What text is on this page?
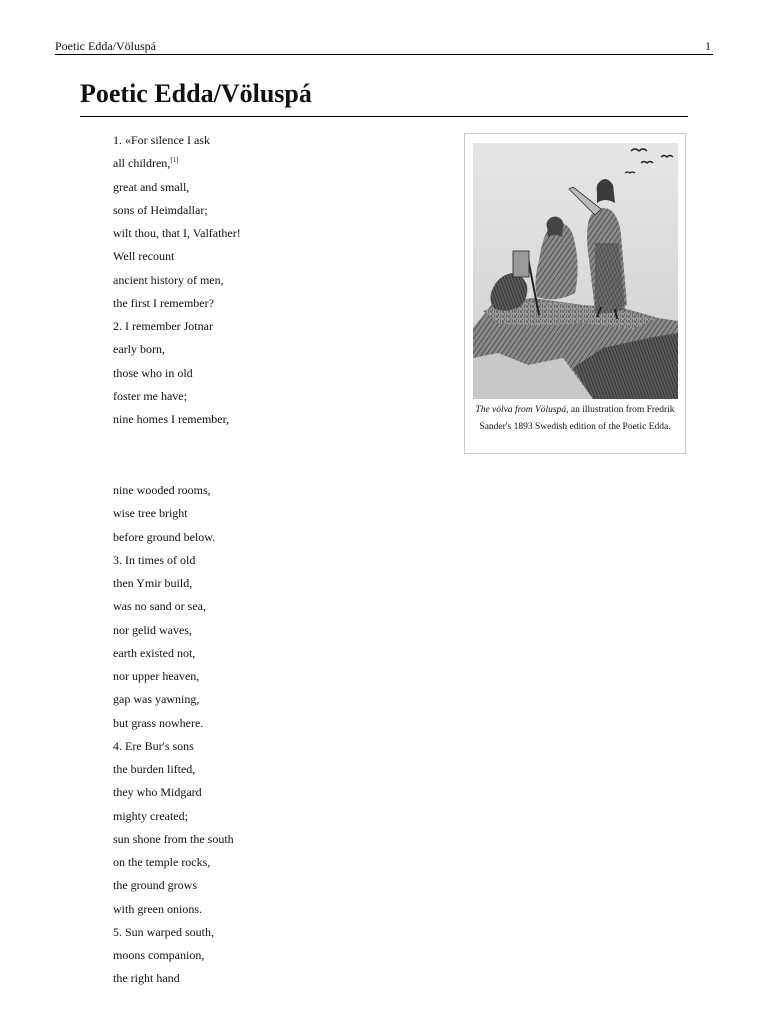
Poetic Edda/Völuspá	1
Poetic Edda/Völuspá
1. «For silence I ask
all children,[1]
great and small,
sons of Heimdallar;
wilt thou, that I, Valfather!
Well recount
ancient history of men,
the first I remember?
2. I remember Jotnar
early born,
those who in old
foster me have;
nine homes I remember,
nine wooded rooms,
wise tree bright
before ground below.
3. In times of old
then Ymir build,
was no sand or sea,
nor gelid waves,
earth existed not,
nor upper heaven,
gap was yawning,
but grass nowhere.
4. Ere Bur's sons
the burden lifted,
they who Midgard
mighty created;
sun shone from the south
on the temple rocks,
the ground grows
with green onions.
5. Sun warped south,
moons companion,
the right hand
The völva from Völuspá, an illustration from Fredrik Sander's 1893 Swedish edition of the Poetic Edda.
